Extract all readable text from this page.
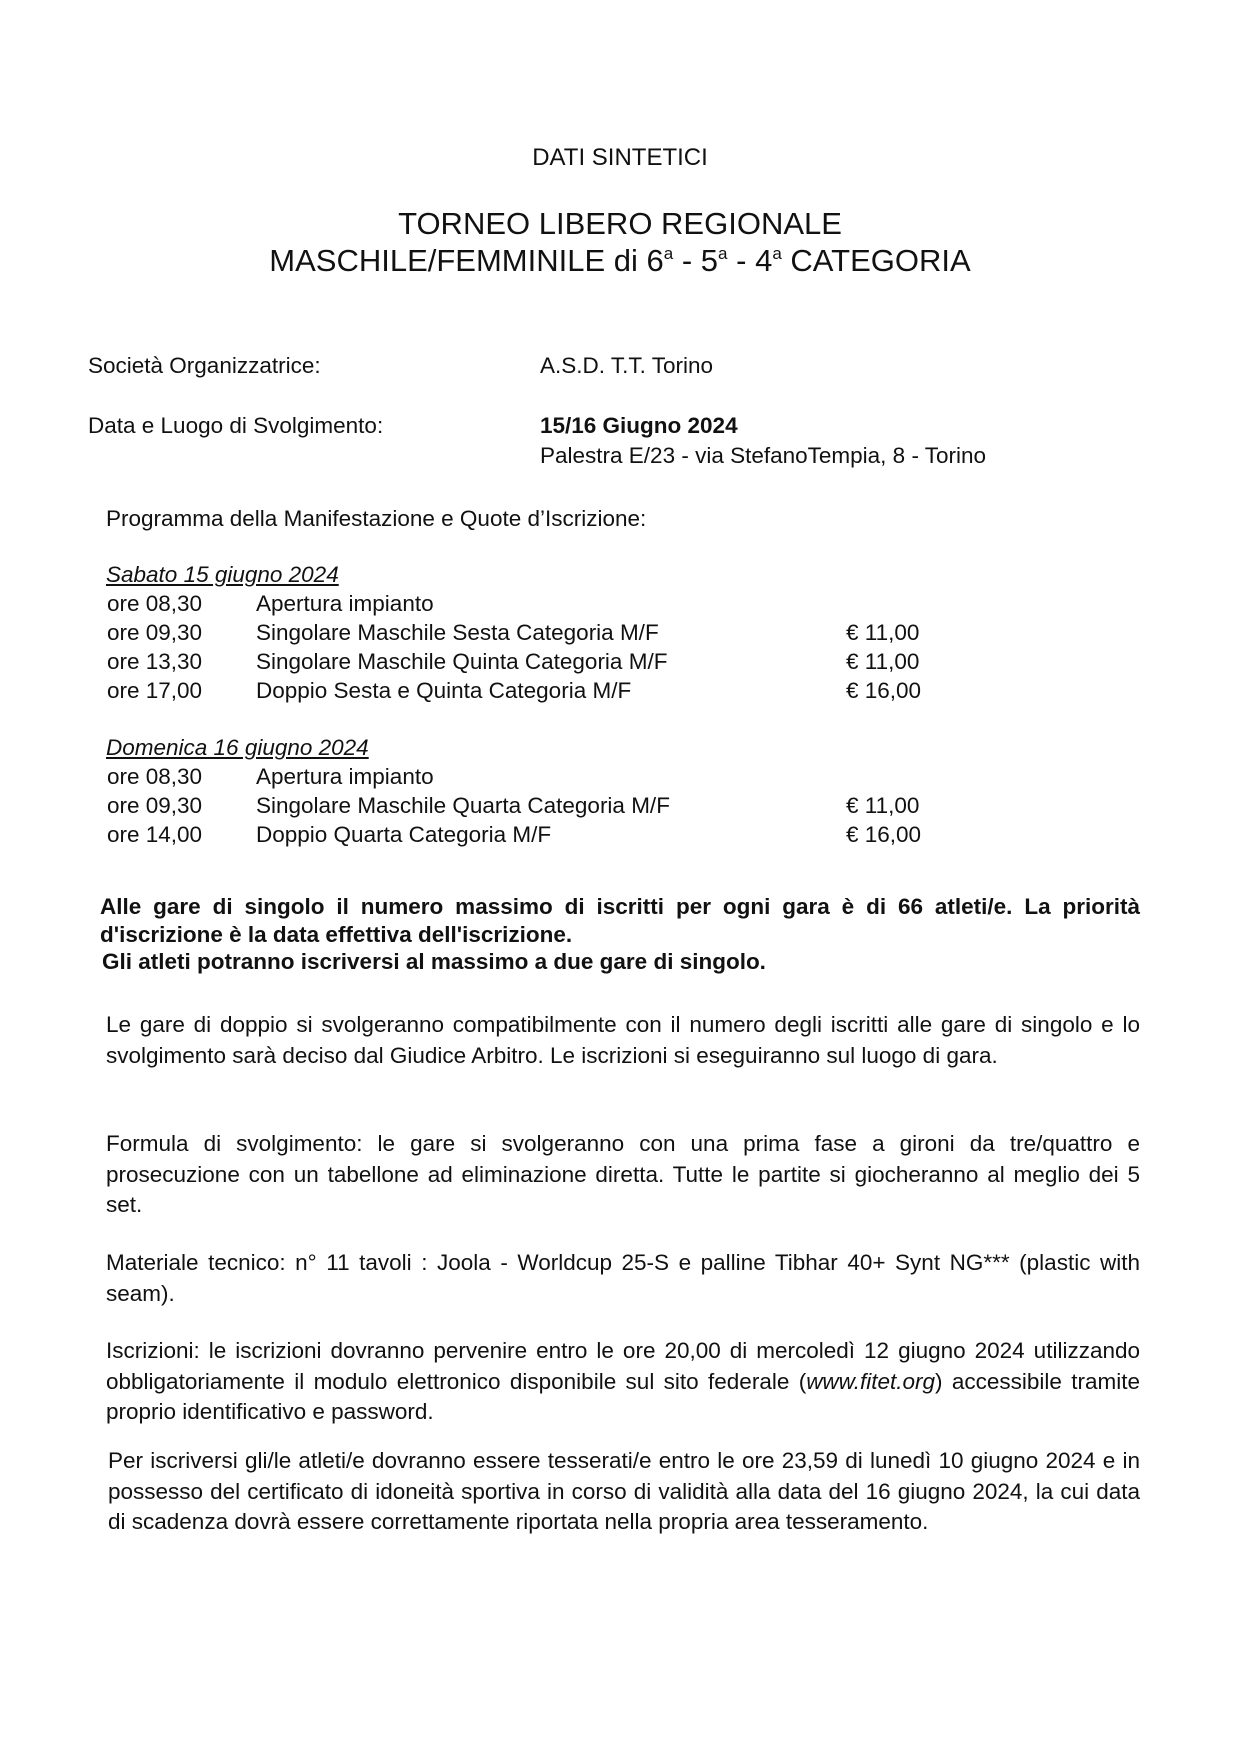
DATI SINTETICI
TORNEO LIBERO REGIONALE
MASCHILE/FEMMINILE di 6$^a$ - 5$^a$ - 4$^a$ CATEGORIA
Società Organizzatrice:	A.S.D. T.T. Torino
Data e Luogo di Svolgimento:	15/16 Giugno 2024
Palestra E/23 - via StefanoTempia, 8 - Torino
Programma della Manifestazione e Quote d’Iscrizione:
Sabato 15 giugno 2024
ore 08,30 Apertura impianto
ore 09,30 Singolare Maschile Sesta Categoria M/F	€ 11,00
ore 13,30 Singolare Maschile Quinta Categoria M/F	€ 11,00
ore 17,00 Doppio Sesta e Quinta Categoria M/F	€ 16,00
Domenica 16 giugno 2024
ore 08,30 Apertura impianto
ore 09,30 Singolare Maschile Quarta Categoria M/F	€ 11,00
ore 14,00 Doppio Quarta Categoria M/F	€ 16,00
Alle gare di singolo il numero massimo di iscritti per ogni gara è di 66 atleti/e. La priorità d'iscrizione è la data effettiva dell'iscrizione.
Gli atleti potranno iscriversi al massimo a due gare di singolo.
Le gare di doppio si svolgeranno compatibilmente con il numero degli iscritti alle gare di singolo e lo svolgimento sarà deciso dal Giudice Arbitro. Le iscrizioni si eseguiranno sul luogo di gara.
Formula di svolgimento: le gare si svolgeranno con una prima fase a gironi da tre/quattro e prosecuzione con un tabellone ad eliminazione diretta. Tutte le partite si giocheranno al meglio dei 5 set.
Materiale tecnico: n° 11 tavoli : Joola - Worldcup 25-S e palline Tibhar 40+ Synt NG*** (plastic with seam).
Iscrizioni: le iscrizioni dovranno pervenire entro le ore 20,00 di mercoledì 12 giugno 2024 utilizzando obbligatoriamente il modulo elettronico disponibile sul sito federale (www.fitet.org) accessibile tramite proprio identificativo e password.
Per iscriversi gli/le atleti/e dovranno essere tesserati/e entro le ore 23,59 di lunedì 10 giugno 2024 e in possesso del certificato di idoneità sportiva in corso di validità alla data del 16 giugno 2024, la cui data di scadenza dovrà essere correttamente riportata nella propria area tesseramento.
